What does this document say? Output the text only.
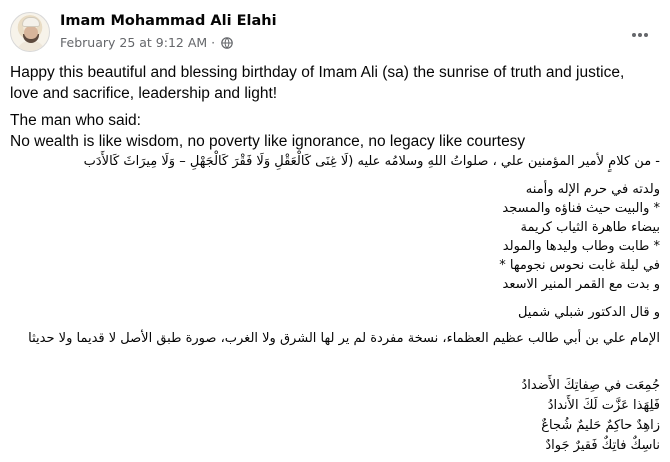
Imam Mohammad Ali Elahi
February 25 at 9:12 AM ·
Happy this beautiful and blessing birthday of Imam Ali (sa) the sunrise of truth and justice, love and sacrifice, leadership and light!
The man who said:
No wealth is like wisdom, no poverty like ignorance, no legacy like courtesy
- من كلامٍ لأمير المؤمنين علي ، صلواتُ اللهِ وسلامُه عليه (لَا غِنَى كَالْعَقْلِ وَلَا فَقْرَ كَالْجَهْلِ – وَلَا مِيرَاثَ كَالأَدَب
ولدته في حرم الإله وأمنه
* والبيت حيث فناؤه والمسجد
بيضاء طاهرة الثياب كريمة
* طابت وطاب وليدها والمولد
في ليلة غابت نحوس نجومها *
و بدت مع القمر المنير الاسعد
و قال الدكتور شبلي شميل
الإمام علي بن أبي طالب عظيم العظماء، نسخة مفردة لم ير لها الشرق ولا الغرب، صورة طبق الأصل لا قديما ولا حديثا
جُمِعَت في صِفاتِكَ الأَضدادُ
فَلِهَذا عَزَّت لَكَ الأَندادُ
زاهِدٌ حاكِمٌ حَليمٌ شُجاعٌ
ناسِكٌ فاتِكٌ فَقيرٌ جَوادٌ
